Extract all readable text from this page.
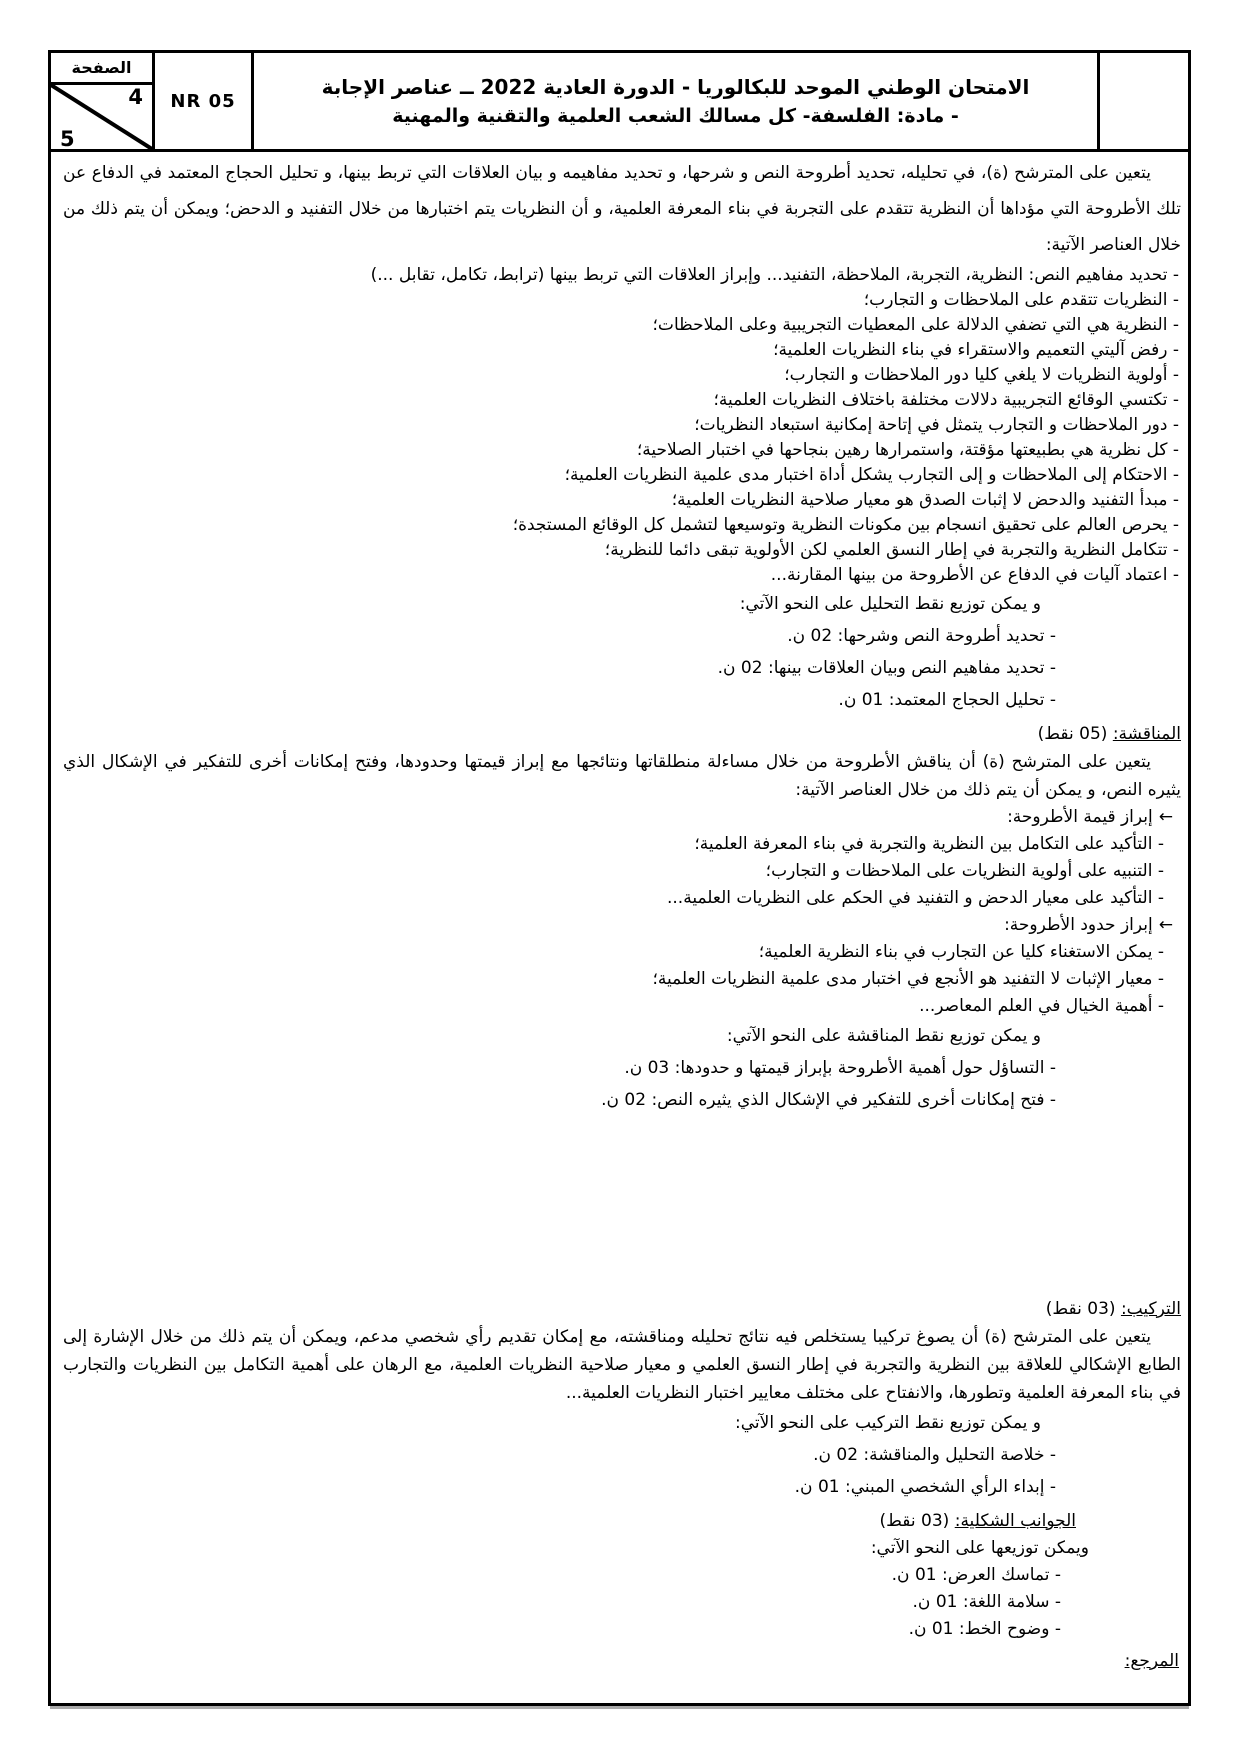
الصفحة
4
5
NR 05
الامتحان الوطني الموحد للبكالوريا - الدورة العادية 2022 ــ عناصر الإجابة
- مادة: الفلسفة- كل مسالك الشعب العلمية والتقنية والمهنية
يتعين على المترشح (ة)، في تحليله، تحديد أطروحة النص و شرحها، و تحديد مفاهيمه و بيان العلاقات التي تربط بينها، و تحليل الحجاج المعتمد في الدفاع عن تلك الأطروحة التي مؤداها أن النظرية تتقدم على التجربة في بناء المعرفة العلمية، و أن النظريات يتم اختبارها من خلال التفنيد و الدحض؛ ويمكن أن يتم ذلك من خلال العناصر الآتية:
- تحديد مفاهيم النص: النظرية، التجربة، الملاحظة، التفنيد... وإبراز العلاقات التي تربط بينها (ترابط، تكامل، تقابل ...)
- النظريات تتقدم على الملاحظات و التجارب؛
- النظرية هي التي تضفي الدلالة على المعطيات التجريبية وعلى الملاحظات؛
- رفض آليتي التعميم والاستقراء في بناء النظريات العلمية؛
- أولوية النظريات لا يلغي كليا دور الملاحظات و التجارب؛
- تكتسي الوقائع التجريبية دلالات مختلفة باختلاف النظريات العلمية؛
- دور الملاحظات و التجارب يتمثل في إتاحة إمكانية استبعاد النظريات؛
- كل نظرية هي بطبيعتها مؤقتة، واستمرارها رهين بنجاحها في اختبار الصلاحية؛
- الاحتكام إلى الملاحظات و إلى التجارب يشكل أداة اختبار مدى علمية النظريات العلمية؛
- مبدأ التفنيد والدحض لا إثبات الصدق هو معيار صلاحية النظريات العلمية؛
- يحرص العالم على تحقيق انسجام بين مكونات النظرية وتوسيعها لتشمل كل الوقائع المستجدة؛
- تتكامل النظرية والتجربة في إطار النسق العلمي لكن الأولوية تبقى دائما للنظرية؛
- اعتماد آليات في الدفاع عن الأطروحة من بينها المقارنة...
و يمكن توزيع نقط التحليل على النحو الآتي:
- تحديد أطروحة النص وشرحها: 02 ن.
- تحديد مفاهيم النص وبيان العلاقات بينها: 02 ن.
- تحليل الحجاج المعتمد: 01 ن.
المناقشة: (05 نقط)
يتعين على المترشح (ة) أن يناقش الأطروحة من خلال مساءلة منطلقاتها ونتائجها مع إبراز قيمتها وحدودها، وفتح إمكانات أخرى للتفكير في الإشكال الذي يثيره النص، و يمكن أن يتم ذلك من خلال العناصر الآتية:
←إبراز قيمة الأطروحة:
- التأكيد على التكامل بين النظرية والتجربة في بناء المعرفة العلمية؛
- التنبيه على أولوية النظريات على الملاحظات و التجارب؛
- التأكيد على معيار الدحض و التفنيد في الحكم على النظريات العلمية...
←إبراز حدود الأطروحة:
- يمكن الاستغناء كليا عن التجارب في بناء النظرية العلمية؛
- معيار الإثبات لا التفنيد هو الأنجع في اختبار مدى علمية النظريات العلمية؛
- أهمية الخيال في العلم المعاصر...
و يمكن توزيع نقط المناقشة على النحو الآتي:
- التساؤل حول أهمية الأطروحة بإبراز قيمتها و حدودها: 03 ن.
- فتح إمكانات أخرى للتفكير في الإشكال الذي يثيره النص: 02 ن.
التركيب: (03 نقط)
يتعين على المترشح (ة) أن يصوغ تركيبا يستخلص فيه نتائج تحليله ومناقشته، مع إمكان تقديم رأي شخصي مدعم، ويمكن أن يتم ذلك من خلال الإشارة إلى الطابع الإشكالي للعلاقة بين النظرية والتجربة في إطار النسق العلمي و معيار صلاحية النظريات العلمية، مع الرهان على أهمية التكامل بين النظريات والتجارب في بناء المعرفة العلمية وتطورها، والانفتاح على مختلف معايير اختبار النظريات العلمية...
و يمكن توزيع نقط التركيب على النحو الآتي:
- خلاصة التحليل والمناقشة: 02 ن.
- إبداء الرأي الشخصي المبني: 01 ن.
الجوانب الشكلية: (03 نقط)
ويمكن توزيعها على النحو الآتي:
- تماسك العرض: 01 ن.
- سلامة اللغة: 01 ن.
- وضوح الخط: 01 ن.
المرجع:
